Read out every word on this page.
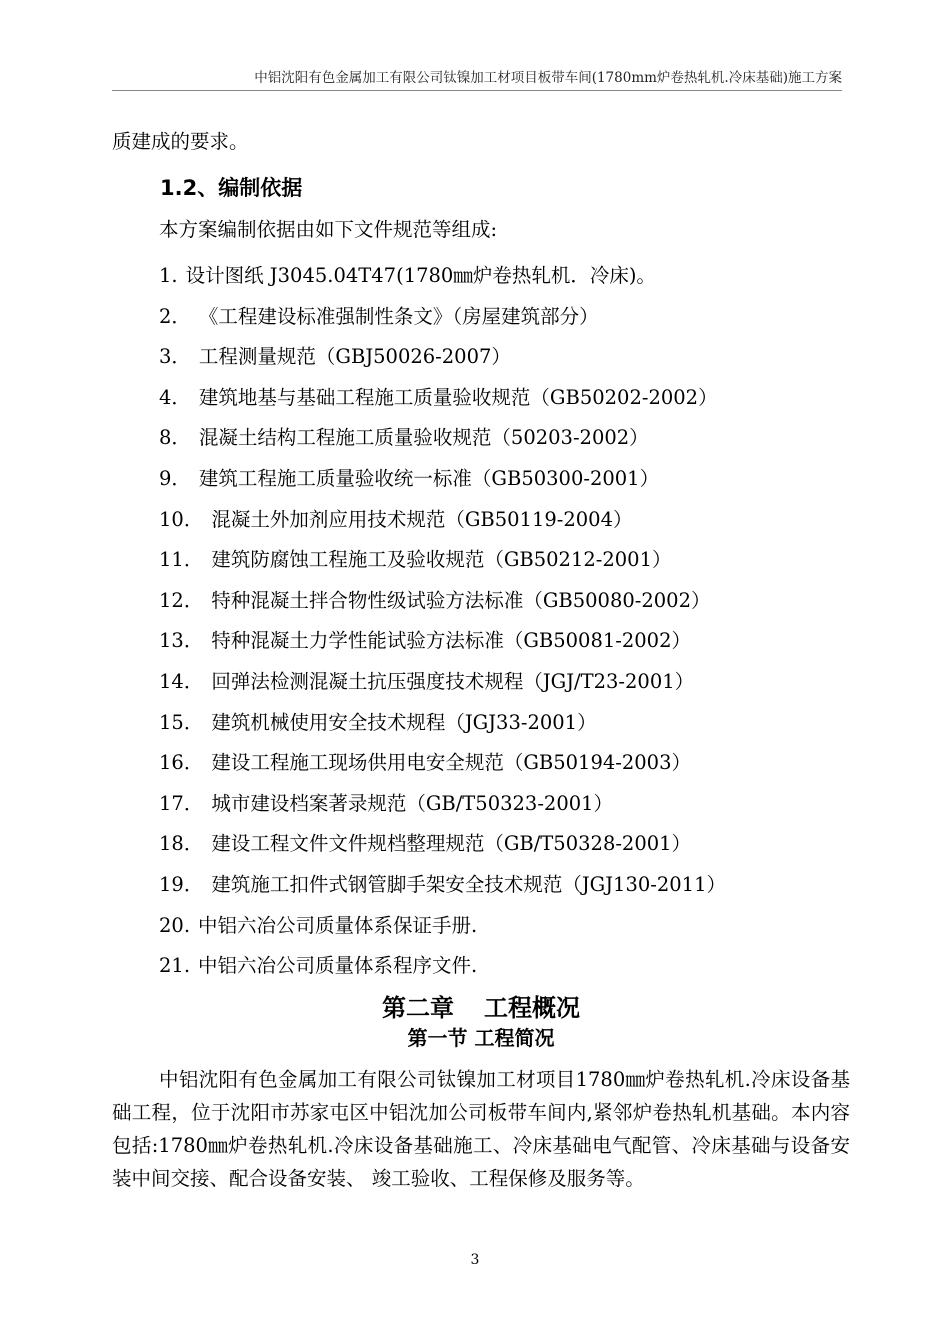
中铝沈阳有色金属加工有限公司钛镍加工材项目板带车间(1780mm炉卷热轧机.冷床基础)施工方案

质建成的要求。

1.2、编制依据

本方案编制依据由如下文件规范等组成:

1. 设计图纸 J3045.04T47(1780㎜炉卷热轧机．冷床)。
2． 《工程建设标准强制性条文》（房屋建筑部分）
3． 工程测量规范（GBJ50026-2007）
4． 建筑地基与基础工程施工质量验收规范（GB50202-2002）
8． 混凝土结构工程施工质量验收规范（50203-2002）
9． 建筑工程施工质量验收统一标准（GB50300-2001）
10． 混凝土外加剂应用技术规范（GB50119-2004）
11． 建筑防腐蚀工程施工及验收规范（GB50212-2001）
12． 特种混凝土拌合物性级试验方法标准（GB50080-2002）
13． 特种混凝土力学性能试验方法标准（GB50081-2002）
14． 回弹法检测混凝土抗压强度技术规程（JGJ/T23-2001）
15． 建筑机械使用安全技术规程（JGJ33-2001）
16． 建设工程施工现场供用电安全规范（GB50194-2003）
17． 城市建设档案著录规范（GB/T50323-2001）
18． 建设工程文件文件规档整理规范（GB/T50328-2001）
19． 建筑施工扣件式钢管脚手架安全技术规范（JGJ130-2011）
20. 中铝六冶公司质量体系保证手册.
21. 中铝六冶公司质量体系程序文件.
第二章 工程概况
第一节 工程简况

中铝沈阳有色金属加工有限公司钛镍加工材项目1780㎜炉卷热轧机.冷床设备基础工程，位于沈阳市苏家屯区中铝沈加公司板带车间内,紧邻炉卷热轧机基础。本内容包括:1780㎜炉卷热轧机.冷床设备基础施工、冷床基础电气配管、冷床基础与设备安装中间交接、配合设备安装、 竣工验收、工程保修及服务等。

3
